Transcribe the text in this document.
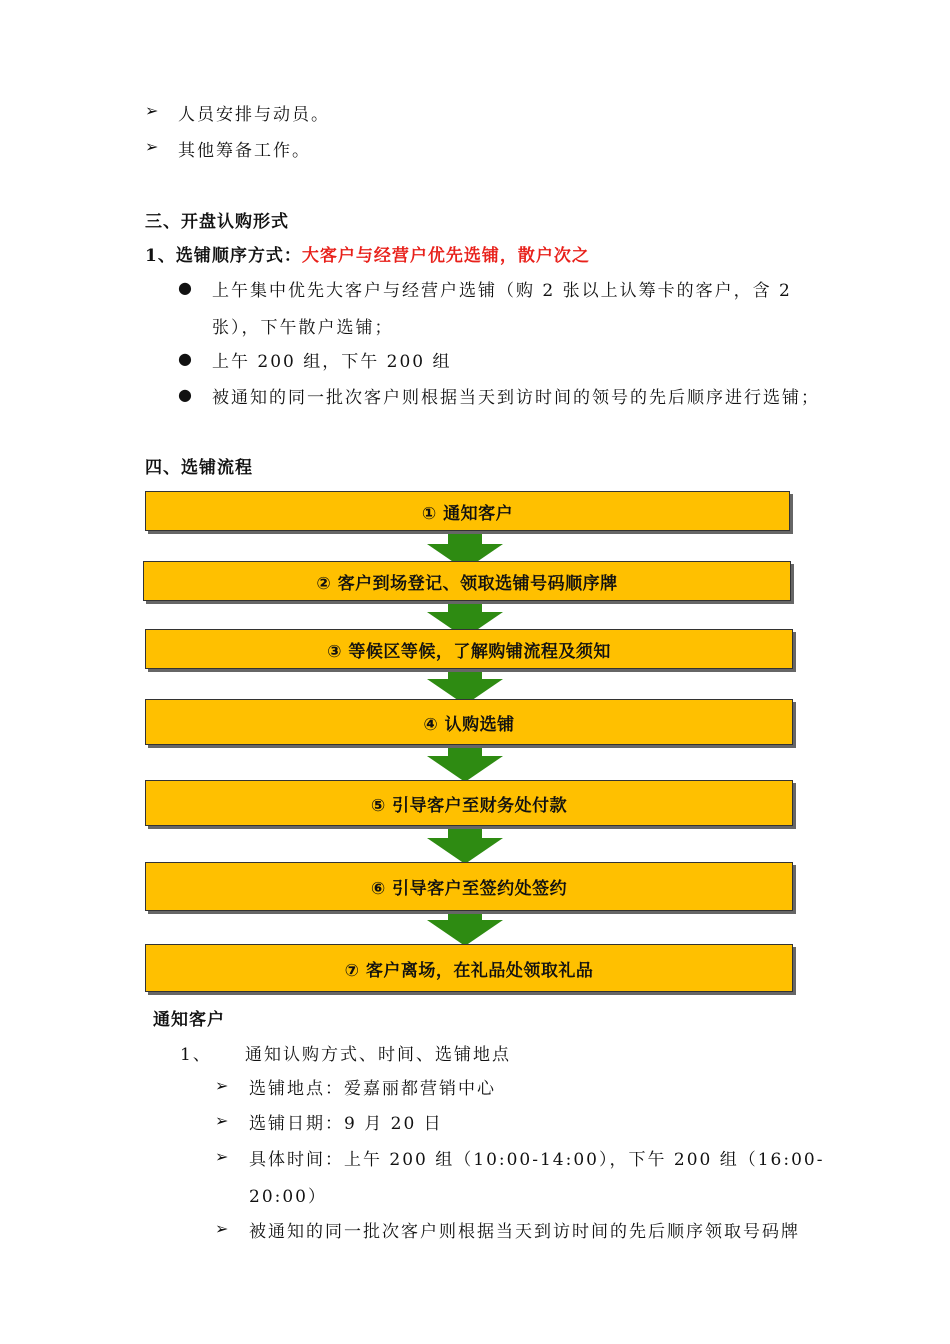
➢ 人员安排与动员。
➢ 其他筹备工作。
三、开盘认购形式
1、选铺顺序方式：大客户与经营户优先选铺，散户次之
● 上午集中优先大客户与经营户选铺（购 2 张以上认筹卡的客户，含 2
张），下午散户选铺；
● 上午 200 组，下午 200 组
● 被通知的同一批次客户则根据当天到访时间的领号的先后顺序进行选铺；
四、选铺流程
① 通知客户
② 客户到场登记、领取选铺号码顺序牌
③ 等候区等候，了解购铺流程及须知
④ 认购选铺
⑤ 引导客户至财务处付款
⑥ 引导客户至签约处签约
⑦ 客户离场，在礼品处领取礼品
通知客户
1、 通知认购方式、时间、选铺地点
➢ 选铺地点：爱嘉丽都营销中心
➢ 选铺日期：9 月 20 日
➢ 具体时间：上午 200 组（10:00-14:00），下午 200 组（16:00-
20:00）
➢ 被通知的同一批次客户则根据当天到访时间的先后顺序领取号码牌
